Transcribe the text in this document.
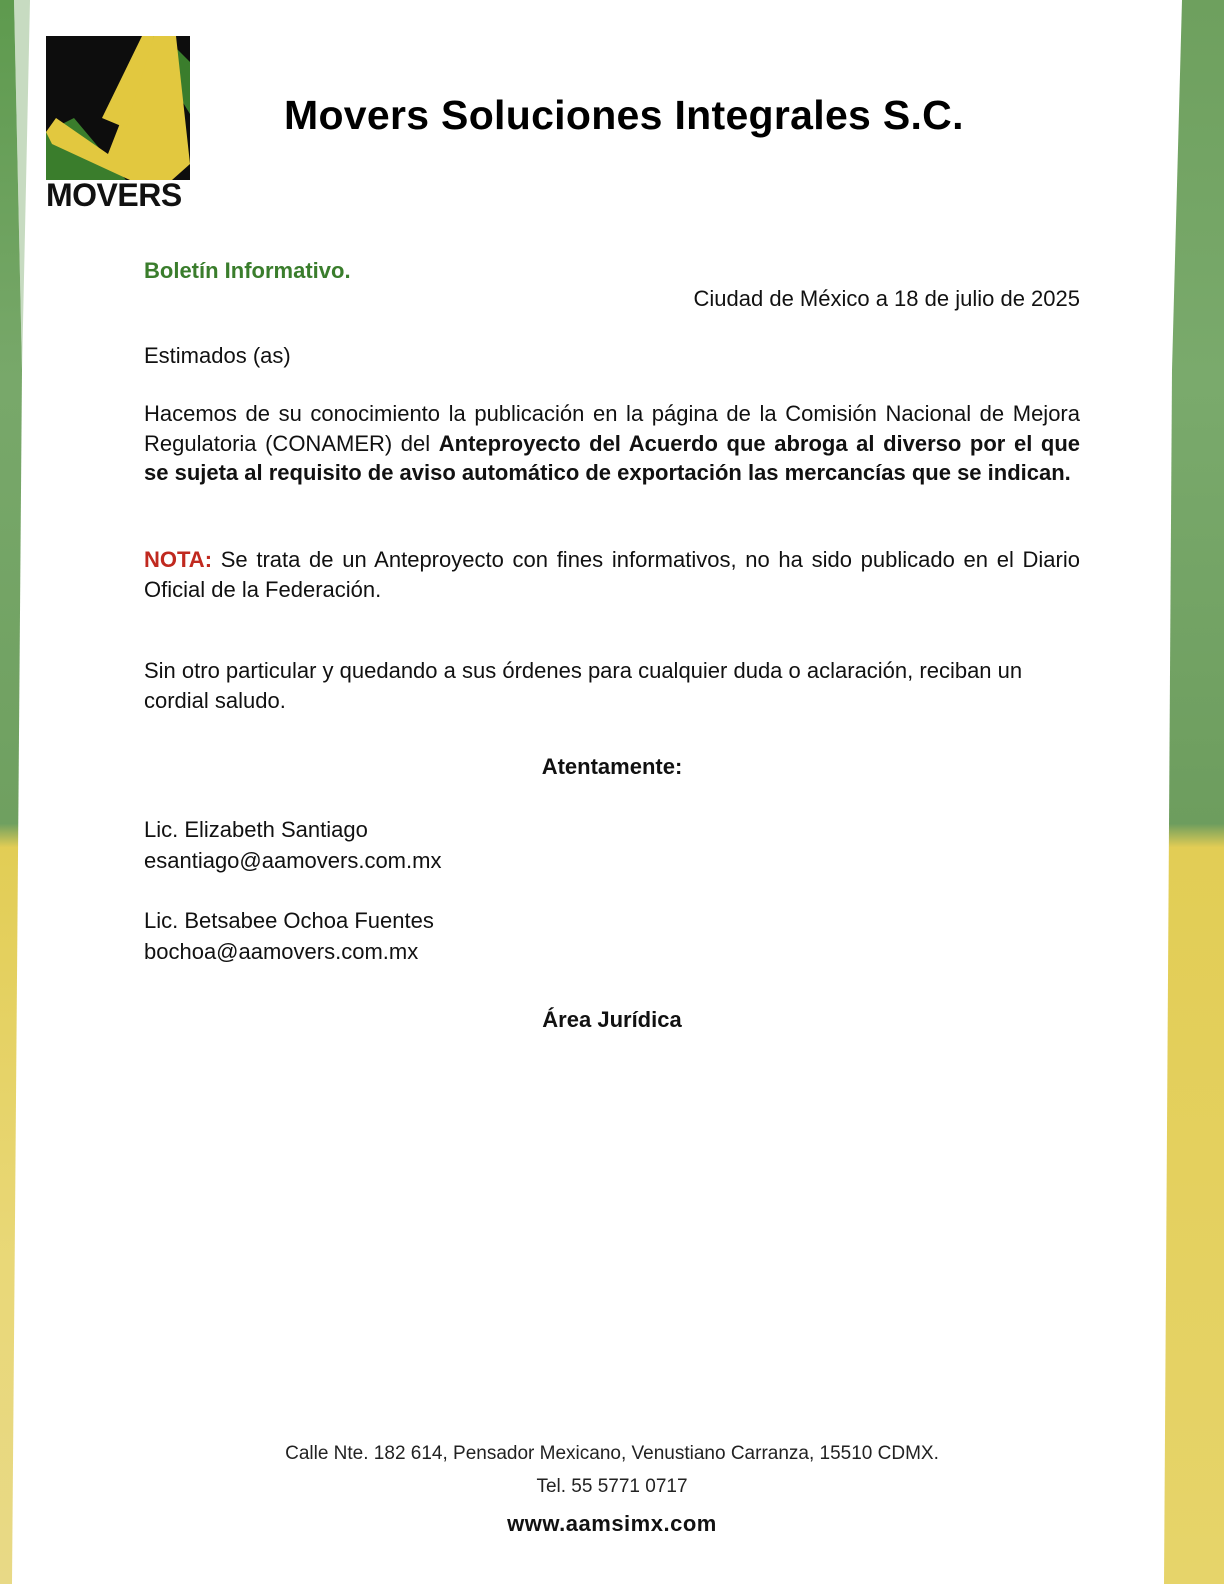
MOVERS
Movers Soluciones Integrales S.C.
Boletín Informativo.
Ciudad de México a 18 de julio de 2025
Estimados (as)

Hacemos de su conocimiento la publicación en la página de la Comisión Nacional de Mejora Regulatoria (CONAMER) del Anteproyecto del Acuerdo que abroga al diverso por el que se sujeta al requisito de aviso automático de exportación las mercancías que se indican.

NOTA: Se trata de un Anteproyecto con fines informativos, no ha sido publicado en el Diario Oficial de la Federación.

Sin otro particular y quedando a sus órdenes para cualquier duda o aclaración, reciban un cordial saludo.

Atentamente:
Lic. Elizabeth Santiago
esantiago@aamovers.com.mx
Lic. Betsabee Ochoa Fuentes
bochoa@aamovers.com.mx
Área Jurídica
Calle Nte. 182 614, Pensador Mexicano, Venustiano Carranza, 15510 CDMX.
Tel. 55 5771 0717
www.aamsimx.com
